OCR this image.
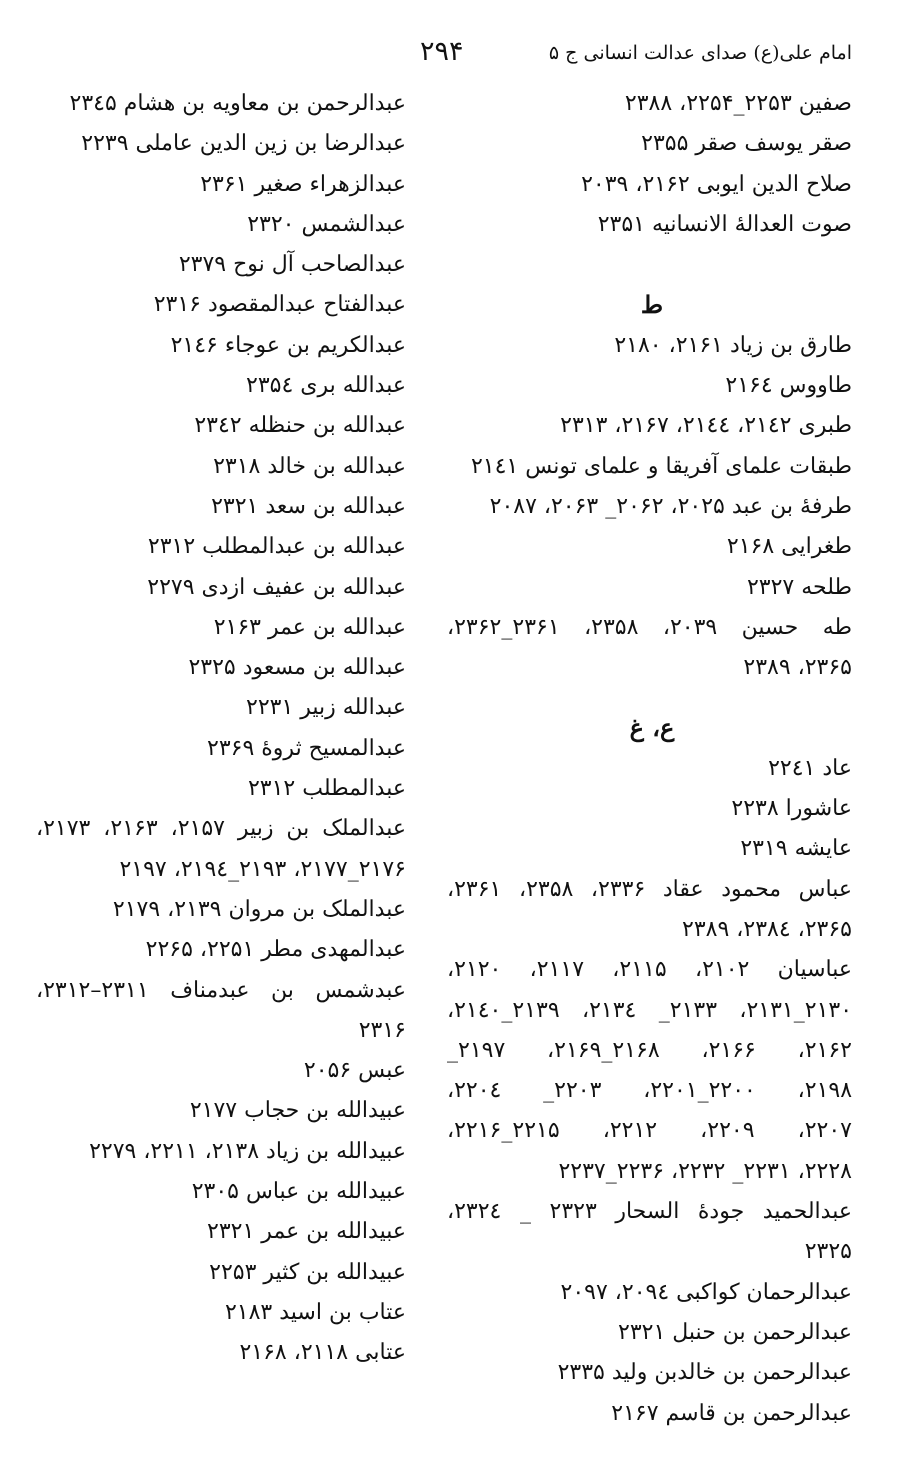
امام علی(ع) صدای عدالت انسانی ج ۵
۲۹۴
صفین ۲۲۵۳_۲۲۵۴، ۲۳۸۸
صقر یوسف صقر ۲۳۵۵
صلاح الدین ایوبی ۲۱۶۲، ۲۰۳۹
صوت العدالهٔ الانسانیه ۲۳۵۱
ط
طارق بن زیاد ۲۱۶۱، ۲۱۸۰
طاووس ۲۱۶٤
طبری ۲۱٤۲، ۲۱٤٤، ۲۱۶۷، ۲۳۱۳
طبقات علمای آفریقا و علمای تونس ۲۱٤۱
طرفهٔ بن عبد ۲۰۲۵، ۲۰۶۲_ ۲۰۶۳، ۲۰۸۷
طغرایی ۲۱۶۸
طلحه ۲۳۲۷
طه حسین ۲۰۳۹، ۲۳۵۸، ۲۳۶۱_۲۳۶۲،
۲۳۶۵، ۲۳۸۹
ع، غ
عاد ۲۲٤۱
عاشورا ۲۲۳۸
عایشه ۲۳۱۹
عباس محمود عقاد ۲۳۳۶، ۲۳۵۸، ۲۳۶۱،
۲۳۶۵، ۲۳۸٤، ۲۳۸۹
عباسیان ۲۱۰۲، ۲۱۱۵، ۲۱۱۷، ۲۱۲۰،
۲۱۳۰_۲۱۳۱، ۲۱۳۳_ ۲۱۳٤، ۲۱۳۹_۲۱٤۰،
۲۱۶۲، ۲۱۶۶، ۲۱۶۸_۲۱۶۹، ۲۱۹۷_
۲۱۹۸، ۲۲۰۰_۲۲۰۱، ۲۲۰۳_ ۲۲۰٤،
۲۲۰۷، ۲۲۰۹، ۲۲۱۲، ۲۲۱۵_۲۲۱۶،
۲۲۲۸، ۲۲۳۱_ ۲۲۳۲، ۲۲۳۶_۲۲۳۷
عبدالحمید جودهٔ السحار ۲۳۲۳ _ ۲۳۲٤،
۲۳۲۵
عبدالرحمان کواکبی ۲۰۹٤، ۲۰۹۷
عبدالرحمن بن حنبل ۲۳۲۱
عبدالرحمن بن خالدبن ولید ۲۳۳۵
عبدالرحمن بن قاسم ۲۱۶۷
عبدالرحمن بن معاویه بن هشام ۲۳٤۵
عبدالرضا بن زین الدین عاملی ۲۲۳۹
عبدالزهراء صغیر ۲۳۶۱
عبدالشمس ۲۳۲۰
عبدالصاحب آل نوح ۲۳۷۹
عبدالفتاح عبدالمقصود ۲۳۱۶
عبدالکریم بن عوجاء ۲۱٤۶
عبدالله بری ۲۳۵٤
عبدالله بن حنظله ۲۳٤۲
عبدالله بن خالد ۲۳۱۸
عبدالله بن سعد ۲۳۲۱
عبدالله بن عبدالمطلب ۲۳۱۲
عبدالله بن عفیف ازدی ۲۲۷۹
عبدالله بن عمر ۲۱۶۳
عبدالله بن مسعود ۲۳۲۵
عبدالله زبیر ۲۲۳۱
عبدالمسیح ثروهٔ ۲۳۶۹
عبدالمطلب ۲۳۱۲
عبدالملک بن زبیر ۲۱۵۷، ۲۱۶۳، ۲۱۷۳،
۲۱۷۶_۲۱۷۷، ۲۱۹۳_۲۱۹٤، ۲۱۹۷
عبدالملک بن مروان ۲۱۳۹، ۲۱۷۹
عبدالمهدی مطر ۲۲۵۱، ۲۲۶۵
عبدشمس بن عبدمناف ۲۳۱۱–۲۳۱۲،
۲۳۱۶
عبس ۲۰۵۶
عبیدالله بن حجاب ۲۱۷۷
عبیدالله بن زیاد ۲۱۳۸، ۲۲۱۱، ۲۲۷۹
عبیدالله بن عباس ۲۳۰۵
عبیدالله بن عمر ۲۳۲۱
عبیدالله بن کثیر ۲۲۵۳
عتاب بن اسید ۲۱۸۳
عتابی ۲۱۱۸، ۲۱۶۸
